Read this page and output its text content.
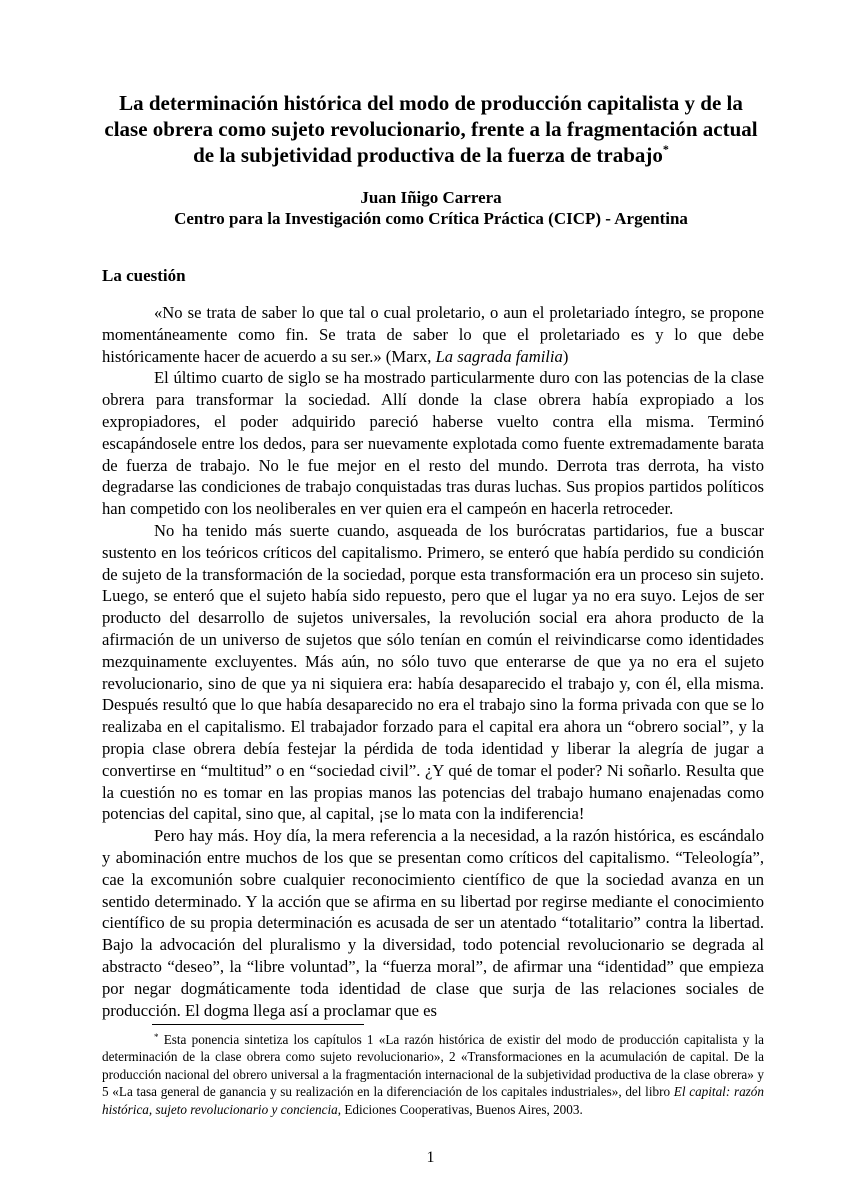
La determinación histórica del modo de producción capitalista y de la clase obrera como sujeto revolucionario, frente a la fragmentación actual de la subjetividad productiva de la fuerza de trabajo*

Juan Iñigo Carrera

Centro para la Investigación como Crítica Práctica (CICP) - Argentina

La cuestión

«No se trata de saber lo que tal o cual proletario, o aun el proletariado íntegro, se propone momentáneamente como fin. Se trata de saber lo que el proletariado es y lo que debe históricamente hacer de acuerdo a su ser.» (Marx, La sagrada familia)

El último cuarto de siglo se ha mostrado particularmente duro con las potencias de la clase obrera para transformar la sociedad. Allí donde la clase obrera había expropiado a los expropiadores, el poder adquirido pareció haberse vuelto contra ella misma. Terminó escapándosele entre los dedos, para ser nuevamente explotada como fuente extremadamente barata de fuerza de trabajo. No le fue mejor en el resto del mundo. Derrota tras derrota, ha visto degradarse las condiciones de trabajo conquistadas tras duras luchas. Sus propios partidos políticos han competido con los neoliberales en ver quien era el campeón en hacerla retroceder.

No ha tenido más suerte cuando, asqueada de los burócratas partidarios, fue a buscar sustento en los teóricos críticos del capitalismo. Primero, se enteró que había perdido su condición de sujeto de la transformación de la sociedad, porque esta transformación era un proceso sin sujeto. Luego, se enteró que el sujeto había sido repuesto, pero que el lugar ya no era suyo. Lejos de ser producto del desarrollo de sujetos universales, la revolución social era ahora producto de la afirmación de un universo de sujetos que sólo tenían en común el reivindicarse como identidades mezquinamente excluyentes. Más aún, no sólo tuvo que enterarse de que ya no era el sujeto revolucionario, sino de que ya ni siquiera era: había desaparecido el trabajo y, con él, ella misma. Después resultó que lo que había desaparecido no era el trabajo sino la forma privada con que se lo realizaba en el capitalismo. El trabajador forzado para el capital era ahora un “obrero social”, y la propia clase obrera debía festejar la pérdida de toda identidad y liberar la alegría de jugar a convertirse en “multitud” o en “sociedad civil”. ¿Y qué de tomar el poder? Ni soñarlo. Resulta que la cuestión no es tomar en las propias manos las potencias del trabajo humano enajenadas como potencias del capital, sino que, al capital, ¡se lo mata con la indiferencia!

Pero hay más. Hoy día, la mera referencia a la necesidad, a la razón histórica, es escándalo y abominación entre muchos de los que se presentan como críticos del capitalismo. “Teleología”, cae la excomunión sobre cualquier reconocimiento científico de que la sociedad avanza en un sentido determinado. Y la acción que se afirma en su libertad por regirse mediante el conocimiento científico de su propia determinación es acusada de ser un atentado “totalitario” contra la libertad. Bajo la advocación del pluralismo y la diversidad, todo potencial revolucionario se degrada al abstracto “deseo”, la “libre voluntad”, la “fuerza moral”, de afirmar una “identidad” que empieza por negar dogmáticamente toda identidad de clase que surja de las relaciones sociales de producción. El dogma llega así a proclamar que es

* Esta ponencia sintetiza los capítulos 1 «La razón histórica de existir del modo de producción capitalista y la determinación de la clase obrera como sujeto revolucionario», 2 «Transformaciones en la acumulación de capital. De la producción nacional del obrero universal a la fragmentación internacional de la subjetividad productiva de la clase obrera» y 5 «La tasa general de ganancia y su realización en la diferenciación de los capitales industriales», del libro El capital: razón histórica, sujeto revolucionario y conciencia, Ediciones Cooperativas, Buenos Aires, 2003.

1
